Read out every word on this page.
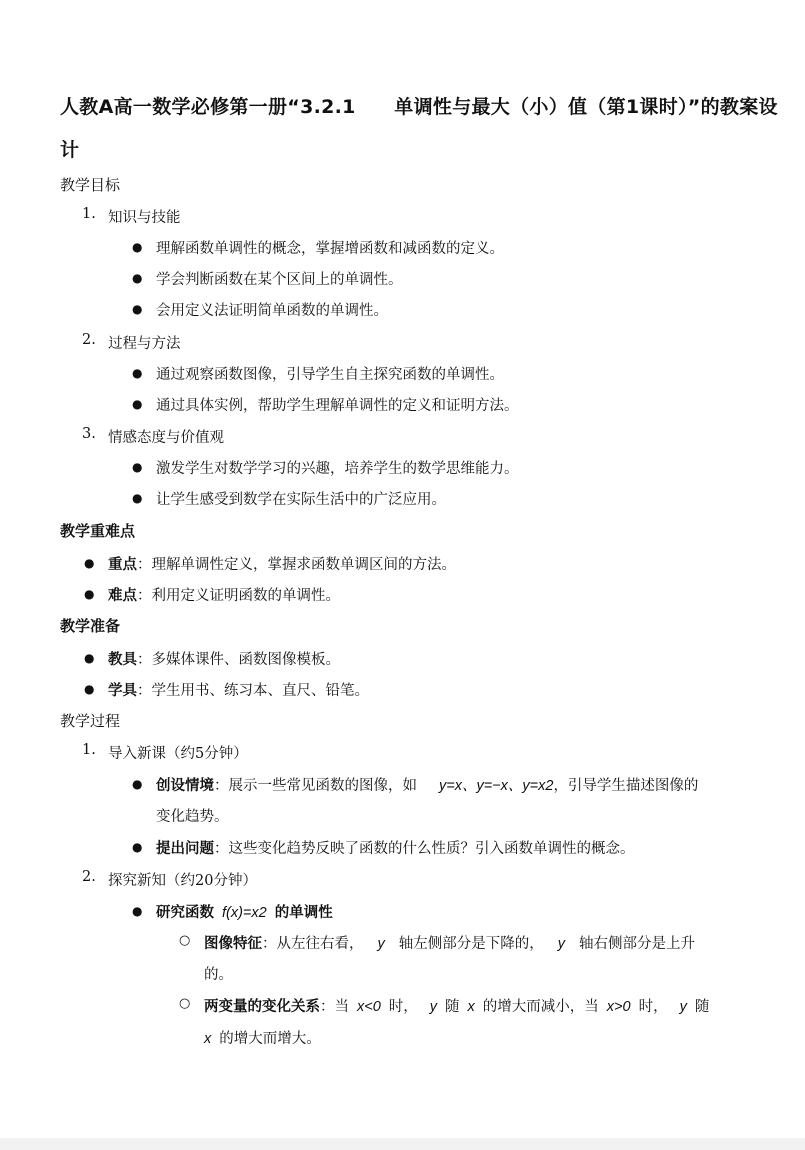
人教A高一数学必修第一册“3.2.1　　单调性与最大（小）值（第1课时）”的教案设
计
教学目标
1. 知识与技能
● 理解函数单调性的概念，掌握增函数和减函数的定义。
● 学会判断函数在某个区间上的单调性。
● 会用定义法证明简单函数的单调性。
2. 过程与方法
● 通过观察函数图像，引导学生自主探究函数的单调性。
● 通过具体实例，帮助学生理解单调性的定义和证明方法。
3. 情感态度与价值观
● 激发学生对数学学习的兴趣，培养学生的数学思维能力。
● 让学生感受到数学在实际生活中的广泛应用。
教学重难点
● 重点：理解单调性定义，掌握求函数单调区间的方法。
● 难点：利用定义证明函数的单调性。
教学准备
● 教具：多媒体课件、函数图像模板。
● 学具：学生用书、练习本、直尺、铅笔。
教学过程
1. 导入新课（约5分钟）
● 创设情境：展示一些常见函数的图像，如 y=x、y=−x、y=x2，引导学生描述图像的
变化趋势。
● 提出问题：这些变化趋势反映了函数的什么性质？引入函数单调性的概念。
2. 探究新知（约20分钟）
● 研究函数 f(x)=x2 的单调性
○ 图像特征：从左往右看， y 轴左侧部分是下降的， y 轴右侧部分是上升
的。
○ 两变量的变化关系：当 x<0 时， y 随 x 的增大而减小，当 x>0 时， y 随
x 的增大而增大。
